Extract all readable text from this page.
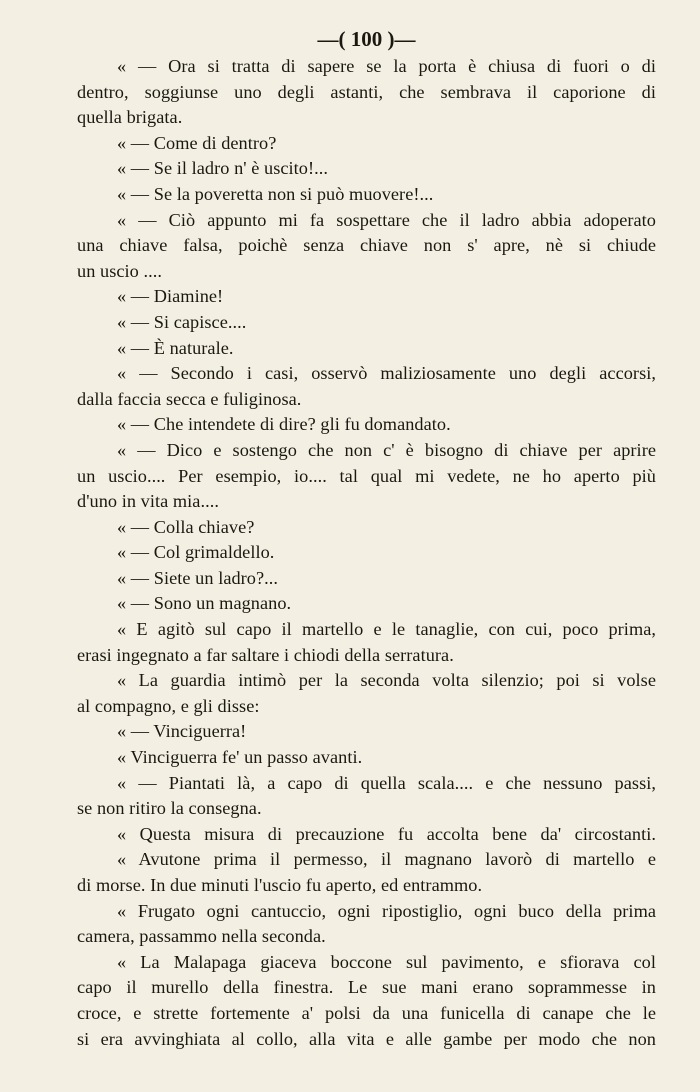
—( 100 )—
« — Ora si tratta di sapere se la porta è chiusa di fuori o di
dentro, soggiunse uno degli astanti, che sembrava il caporione di
quella brigata.
« — Come di dentro?
« — Se il ladro n' è uscito!...
« — Se la poveretta non si può muovere!...
« — Ciò appunto mi fa sospettare che il ladro abbia adoperato
una chiave falsa, poichè senza chiave non s' apre, nè si chiude
un uscio ....
« — Diamine!
« — Si capisce....
« — È naturale.
« — Secondo i casi, osservò maliziosamente uno degli accorsi,
dalla faccia secca e fuliginosa.
« — Che intendete di dire? gli fu domandato.
« — Dico e sostengo che non c' è bisogno di chiave per aprire
un uscio.... Per esempio, io.... tal qual mi vedete, ne ho aperto più
d'uno in vita mia....
« — Colla chiave?
« — Col grimaldello.
« — Siete un ladro?...
« — Sono un magnano.
« E agitò sul capo il martello e le tanaglie, con cui, poco prima,
erasi ingegnato a far saltare i chiodi della serratura.
« La guardia intimò per la seconda volta silenzio; poi si volse
al compagno, e gli disse:
« — Vinciguerra!
« Vinciguerra fe' un passo avanti.
« — Piantati là, a capo di quella scala.... e che nessuno passi,
se non ritiro la consegna.
« Questa misura di precauzione fu accolta bene da' circostanti.
« Avutone prima il permesso, il magnano lavorò di martello e
di morse. In due minuti l'uscio fu aperto, ed entrammo.
« Frugato ogni cantuccio, ogni ripostiglio, ogni buco della prima
camera, passammo nella seconda.
« La Malapaga giaceva boccone sul pavimento, e sfiorava col
capo il murello della finestra. Le sue mani erano soprammesse in
croce, e strette fortemente a' polsi da una funicella di canape che le
si era avvinghiata al collo, alla vita e alle gambe per modo che non
